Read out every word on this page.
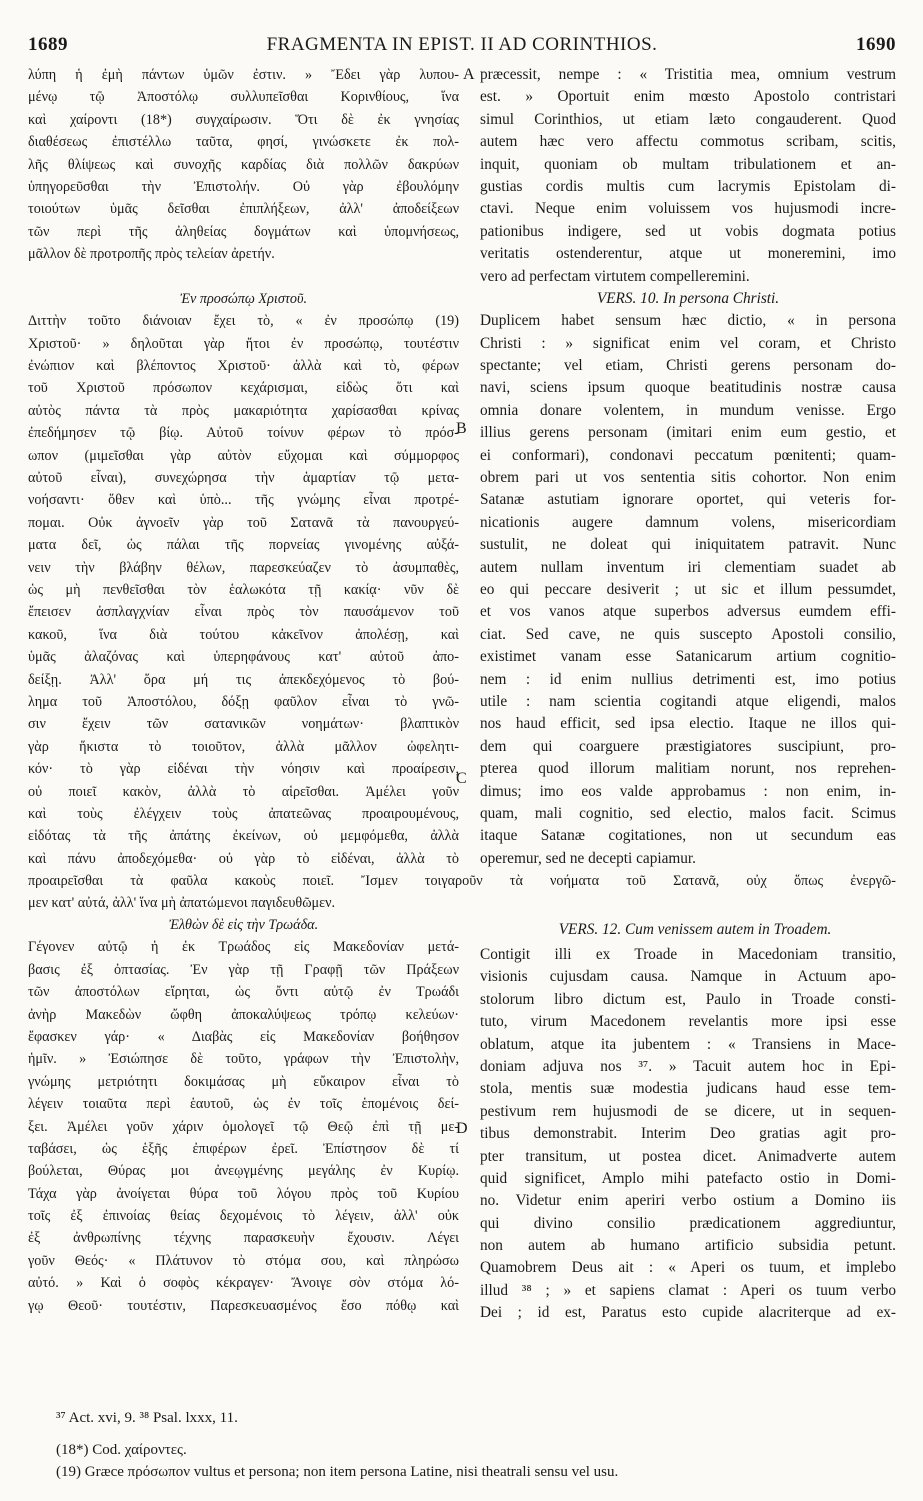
1689	FRAGMENTA IN EPIST. II AD CORINTHIOS.	1690
λύπη ἡ ἐμὴ πάντων ὑμῶν ἐστιν. » Ἔδει γὰρ λυπου-
μένῳ τῷ Ἀποστόλῳ συλλυπεῖσθαι Κορινθίους, ἵνα
καὶ χαίροντι (18*) συγχαίρωσιν. Ὅτι δὲ ἐκ γνησίας
διαθέσεως ἐπιστέλλω ταῦτα, φησί, γινώσκετε ἐκ πολ-
λῆς θλίψεως καὶ συνοχῆς καρδίας διὰ πολλῶν δακρύων
ὑπηγορεῦσθαι τὴν Ἐπιστολήν. Οὐ γὰρ ἐβουλόμην
τοιούτων ὑμᾶς δεῖσθαι ἐπιπλήξεων, ἀλλ' ἀποδείξεων
τῶν περὶ τῆς ἀληθείας δογμάτων καὶ ὑπομνήσεως,
μᾶλλον δὲ προτροπῆς πρὸς τελείαν ἀρετήν.
Ἐν προσώπῳ Χριστοῦ.
Διττὴν τοῦτο διάνοιαν ἔχει τὸ, « ἐν προσώπῳ (19)
Χριστοῦ· » δηλοῦται γὰρ ἤτοι ἐν προσώπῳ, τουτέστιν
ἐνώπιον καὶ βλέποντος Χριστοῦ· ἀλλὰ καὶ τὸ, φέρων
τοῦ Χριστοῦ πρόσωπον κεχάρισμαι, εἰδὼς ὅτι καὶ
αὐτὸς πάντα τὰ πρὸς μακαριότητα χαρίσασθαι κρίνας
ἐπεδήμησεν τῷ βίῳ. Αὐτοῦ τοίνυν φέρων τὸ πρόσ-
ωπον (μιμεῖσθαι γὰρ αὐτὸν εὔχομαι καὶ σύμμορφος
αὐτοῦ εἶναι), συνεχώρησα τὴν ἁμαρτίαν τῷ μετα-
νοήσαντι· ὅθεν καὶ ὑπὸ... τῆς γνώμης εἶναι προτρέ-
πομαι. Οὐκ ἀγνοεῖν γὰρ τοῦ Σατανᾶ τὰ πανουργεύ-
ματα δεῖ, ὡς πάλαι τῆς πορνείας γινομένης αὐξά-
νειν τὴν βλάβην θέλων, παρεσκεύαζεν τὸ ἀσυμπαθὲς,
ὡς μὴ πενθεῖσθαι τὸν ἑαλωκότα τῇ κακίᾳ· νῦν δὲ
ἔπεισεν ἀσπλαγχνίαν εἶναι πρὸς τὸν παυσάμενον τοῦ
κακοῦ, ἵνα διὰ τούτου κἀκεῖνον ἀπολέσῃ, καὶ
ὑμᾶς ἀλαζόνας καὶ ὑπερηφάνους κατ' αὐτοῦ ἀπο-
δείξῃ. Ἀλλ' ὅρα μή τις ἀπεκδεχόμενος τὸ βού-
λημα τοῦ Ἀποστόλου, δόξῃ φαῦλον εἶναι τὸ γνῶ-
σιν ἔχειν τῶν σατανικῶν νοημάτων· βλαπτικὸν
γὰρ ἥκιστα τὸ τοιοῦτον, ἀλλὰ μᾶλλον ὠφελητι-
κόν· τὸ γὰρ εἰδέναι τὴν νόησιν καὶ προαίρεσιν,
οὐ ποιεῖ κακὸν, ἀλλὰ τὸ αἱρεῖσθαι. Ἀμέλει γοῦν
καὶ τοὺς ἐλέγχειν τοὺς ἀπατεῶνας προαιρουμένους,
εἰδότας τὰ τῆς ἀπάτης ἐκείνων, οὐ μεμφόμεθα, ἀλλὰ
καὶ πάνυ ἀποδεχόμεθα· οὐ γὰρ τὸ εἰδέναι, ἀλλὰ τὸ
præcessit, nempe : « Tristitia mea, omnium vestrum
est. » Oportuit enim mœsto Apostolo contristari
simul Corinthios, ut etiam læto congauderent. Quod
autem hæc vero affectu commotus scribam, scitis,
inquit, quoniam ob multam tribulationem et an-
gustias cordis multis cum lacrymis Epistolam di-
ctavi. Neque enim voluissem vos hujusmodi incre-
pationibus indigere, sed ut vobis dogmata potius
veritatis ostenderentur, atque ut moneremini, imo
vero ad perfectam virtutem compelleremini.
VERS. 10. In persona Christi.
Duplicem habet sensum hæc dictio, « in persona
Christi : » significat enim vel coram, et Christo
spectante; vel etiam, Christi gerens personam do-
navi, sciens ipsum quoque beatitudinis nostræ causa
omnia donare volentem, in mundum venisse. Ergo
illius gerens personam (imitari enim eum gestio, et
ei conformari), condonavi peccatum pœnitenti; quam-
obrem pari ut vos sententia sitis cohortor. Non enim
Satanæ astutiam ignorare oportet, qui veteris for-
nicationis augere damnum volens, misericordiam
sustulit, ne doleat qui iniquitatem patravit. Nunc
autem nullam inventum iri clementiam suadet ab
eo qui peccare desiverit ; ut sic et illum pessumdet,
et vos vanos atque superbos adversus eumdem effi-
ciat. Sed cave, ne quis suscepto Apostoli consilio,
existimet vanam esse Satanicarum artium cognitio-
nem : id enim nullius detrimenti est, imo potius
utile : nam scientia cogitandi atque eligendi, malos
nos haud efficit, sed ipsa electio. Itaque ne illos qui-
dem qui coarguere præstigiatores suscipiunt, pro-
pterea quod illorum malitiam norunt, nos reprehen-
dimus; imo eos valde approbamus : non enim, in-
quam, mali cognitio, sed electio, malos facit. Scimus
itaque Satanæ cogitationes, non ut secundum eas
operemur, sed ne decepti capiamur.
προαιρεῖσθαι τὰ φαῦλα κακοὺς ποιεῖ. Ἴσμεν τοιγαροῦν τὰ νοήματα τοῦ Σατανᾶ, οὐχ ὅπως ἐνεργῶ-
μεν κατ' αὐτά, ἀλλ' ἵνα μὴ ἀπατώμενοι παγιδευθῶμεν.
Ἐλθὼν δὲ εἰς τὴν Τρωάδα.
Γέγονεν αὐτῷ ἡ ἐκ Τρωάδος εἰς Μακεδονίαν μετά-
βασις ἐξ ὀπτασίας. Ἐν γὰρ τῇ Γραφῇ τῶν Πράξεων
τῶν ἀποστόλων εἴρηται, ὡς ὄντι αὐτῷ ἐν Τρωάδι
ἀνὴρ Μακεδὼν ὤφθη ἀποκαλύψεως τρόπῳ κελεύων·
ἔφασκεν γάρ· « Διαβὰς εἰς Μακεδονίαν βοήθησον
ἡμῖν. » Ἐσιώπησε δὲ τοῦτο, γράφων τὴν Ἐπιστολὴν,
γνώμης μετριότητι δοκιμάσας μὴ εὔκαιρον εἶναι τὸ
λέγειν τοιαῦτα περὶ ἑαυτοῦ, ὡς ἐν τοῖς ἑπομένοις δεί-
ξει. Ἀμέλει γοῦν χάριν ὁμολογεῖ τῷ Θεῷ ἐπὶ τῇ με-
ταβάσει, ὡς ἑξῆς ἐπιφέρων ἐρεῖ. Ἐπίστησον δὲ τί
βούλεται, Θύρας μοι ἀνεῳγμένης μεγάλης ἐν Κυρίῳ.
Τάχα γὰρ ἀνοίγεται θύρα τοῦ λόγου πρὸς τοῦ Κυρίου
τοῖς ἐξ ἐπινοίας θείας δεχομένοις τὸ λέγειν, ἀλλ' οὐκ
ἐξ ἀνθρωπίνης τέχνης παρασκευὴν ἔχουσιν. Λέγει
γοῦν Θεός· « Πλάτυνον τὸ στόμα σου, καὶ πληρώσω
αὐτό. » Καὶ ὁ σοφὸς κέκραγεν· Ἄνοιγε σὸν στόμα λό-
γῳ Θεοῦ· τουτέστιν, Παρεσκευασμένος ἔσο πόθῳ καὶ
VERS. 12. Cum venissem autem in Troadem.
Contigit illi ex Troade in Macedoniam transitio,
visionis cujusdam causa. Namque in Actuum apo-
stolorum libro dictum est, Paulo in Troade consti-
tuto, virum Macedonem revelantis more ipsi esse
oblatum, atque ita jubentem : « Transiens in Mace-
doniam adjuva nos ³⁷. » Tacuit autem hoc in Epi-
stola, mentis suæ modestia judicans haud esse tem-
pestivum rem hujusmodi de se dicere, ut in sequen-
tibus demonstrabit. Interim Deo gratias agit pro-
pter transitum, ut postea dicet. Animadverte autem
quid significet, Amplo mihi patefacto ostio in Domi-
no. Videtur enim aperiri verbo ostium a Domino iis
qui divino consilio prædicationem aggrediuntur,
non autem ab humano artificio subsidia petunt.
Quamobrem Deus ait : « Aperi os tuum, et implebo
illud ³⁸ ; » et sapiens clamat : Aperi os tuum verbo
Dei ; id est, Paratus esto cupide alacriterque ad ex-
A
B
C
D
³⁷ Act. xvi, 9. ³⁸ Psal. lxxx, 11.
(18*) Cod. χαίροντες.
(19) Græce πρόσωπον vultus et persona; non item persona Latine, nisi theatrali sensu vel usu.
